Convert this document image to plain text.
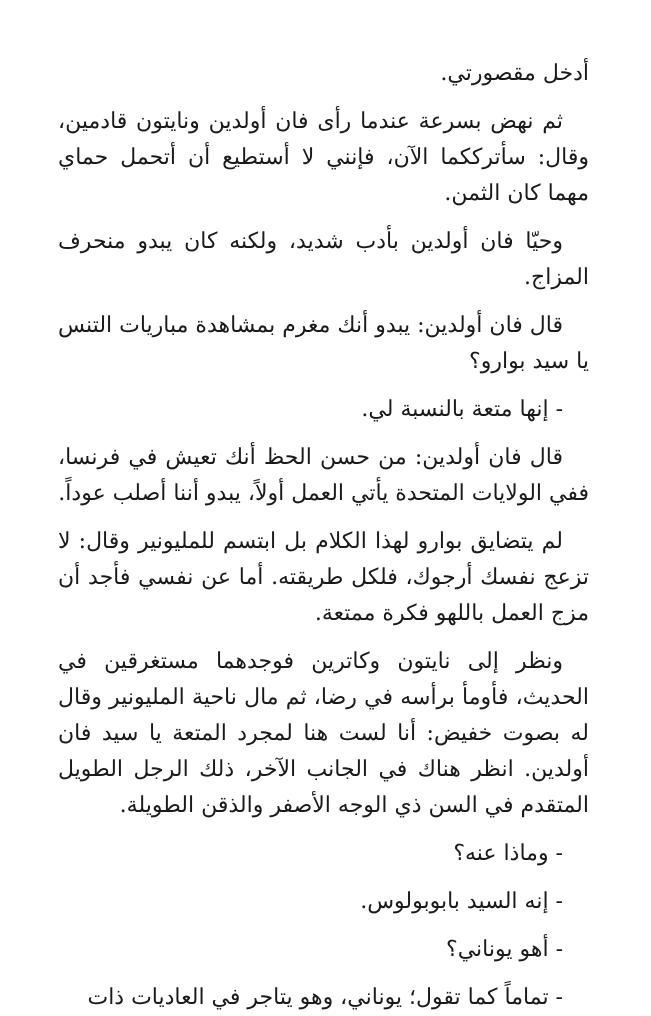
أدخل مقصورتي.

ثم نهض بسرعة عندما رأى فان أولدين ونايتون قادمين، وقال: سأترككما الآن، فإنني لا أستطيع أن أتحمل حماي مهما كان الثمن.

وحيّا فان أولدين بأدب شديد، ولكنه كان يبدو منحرف المزاج.

قال فان أولدين: يبدو أنك مغرم بمشاهدة مباريات التنس يا سيد بوارو؟

- إنها متعة بالنسبة لي.

قال فان أولدين: من حسن الحظ أنك تعيش في فرنسا، ففي الولايات المتحدة يأتي العمل أولاً، يبدو أننا أصلب عوداً.

لم يتضايق بوارو لهذا الكلام بل ابتسم للمليونير وقال: لا تزعج نفسك أرجوك، فلكل طريقته. أما عن نفسي فأجد أن مزج العمل باللهو فكرة ممتعة.

ونظر إلى نايتون وكاترين فوجدهما مستغرقين في الحديث، فأومأ برأسه في رضا، ثم مال ناحية المليونير وقال له بصوت خفيض: أنا لست هنا لمجرد المتعة يا سيد فان أولدين. انظر هناك في الجانب الآخر، ذلك الرجل الطويل المتقدم في السن ذي الوجه الأصفر والذقن الطويلة.

- وماذا عنه؟

- إنه السيد بابوبولوس.

- أهو يوناني؟

- تماماً كما تقول؛ يوناني، وهو يتاجر في العاديات ذات
